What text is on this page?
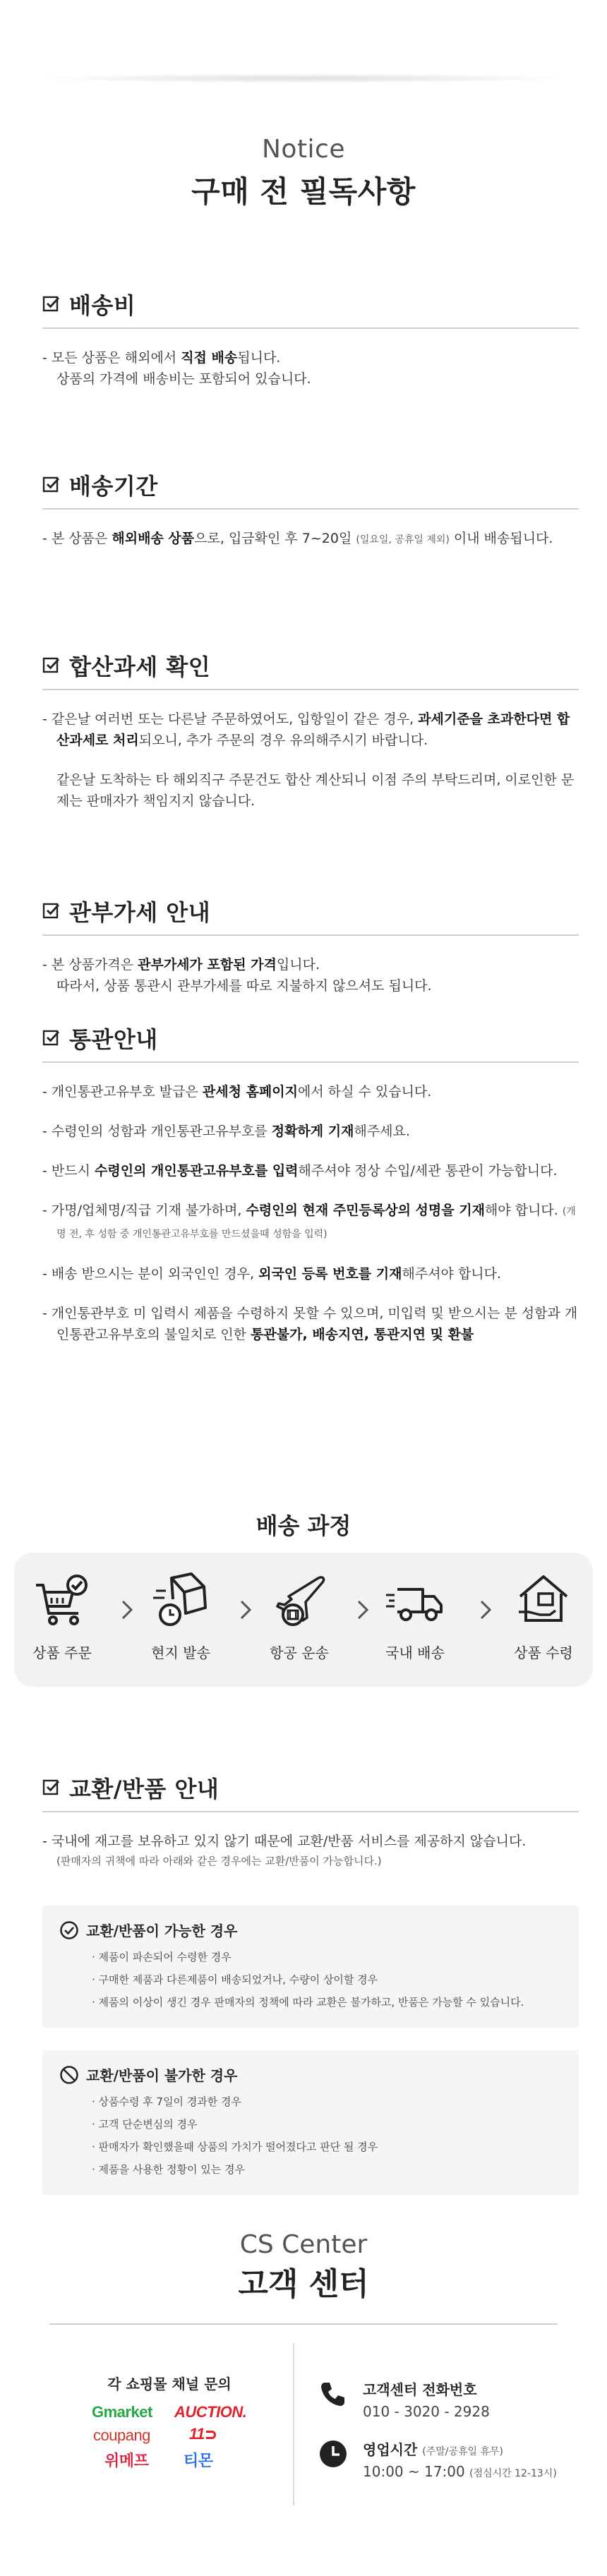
Notice
구매 전 필독사항
배송비
- 모든 상품은 해외에서 직접 배송됩니다.
상품의 가격에 배송비는 포함되어 있습니다.
배송기간
- 본 상품은 해외배송 상품으로, 입금확인 후 7~20일 (일요일, 공휴일 제외) 이내 배송됩니다.
합산과세 확인
- 같은날 여러번 또는 다른날 주문하였어도, 입항일이 같은 경우, 과세기준을 초과한다면 합산과세로 처리되오니, 추가 주문의 경우 유의해주시기 바랍니다.
같은날 도착하는 타 해외직구 주문건도 합산 계산되니 이점 주의 부탁드리며, 이로인한 문제는 판매자가 책임지지 않습니다.
관부가세 안내
- 본 상품가격은 관부가세가 포함된 가격입니다.
따라서, 상품 통관시 관부가세를 따로 지불하지 않으셔도 됩니다.
통관안내
- 개인통관고유부호 발급은 관세청 홈페이지에서 하실 수 있습니다.
- 수령인의 성함과 개인통관고유부호를 정확하게 기재해주세요.
- 반드시 수령인의 개인통관고유부호를 입력해주셔야 정상 수입/세관 통관이 가능합니다.
- 가명/업체명/직급 기재 불가하며, 수령인의 현재 주민등록상의 성명을 기재해야 합니다. (개명 전, 후 성함 중 개인통관고유부호를 만드셨을때 성함을 입력)
- 배송 받으시는 분이 외국인인 경우, 외국인 등록 번호를 기재해주셔야 합니다.
- 개인통관부호 미 입력시 제품을 수령하지 못할 수 있으며, 미입력 및 받으시는 분 성함과 개인통관고유부호의 불일치로 인한 통관불가, 배송지연, 통관지연 및 환불
배송 과정
상품 주문	현지 발송	항공 운송	국내 배송	상품 수령
교환/반품 안내
- 국내에 재고를 보유하고 있지 않기 때문에 교환/반품 서비스를 제공하지 않습니다.
(판매자의 귀책에 따라 아래와 같은 경우에는 교환/반품이 가능합니다.)
교환/반품이 가능한 경우
· 제품이 파손되어 수령한 경우
· 구매한 제품과 다른제품이 배송되었거나, 수량이 상이할 경우
· 제품의 이상이 생긴 경우 판매자의 정책에 따라 교환은 불가하고, 반품은 가능할 수 있습니다.
교환/반품이 불가한 경우
· 상품수령 후 7일이 경과한 경우
· 고객 단순변심의 경우
· 판매자가 확인했을때 상품의 가치가 떨어졌다고 판단 될 경우
· 제품을 사용한 정황이 있는 경우
CS Center
고객 센터
각 쇼핑몰 채널 문의
Gmarket AUCTION.
coupang	11
위메프 티몬
고객센터 전화번호
010 - 3020 - 2928
영업시간 (주말/공휴일 휴무)
10:00 ~ 17:00 (점심시간 12-13시)
